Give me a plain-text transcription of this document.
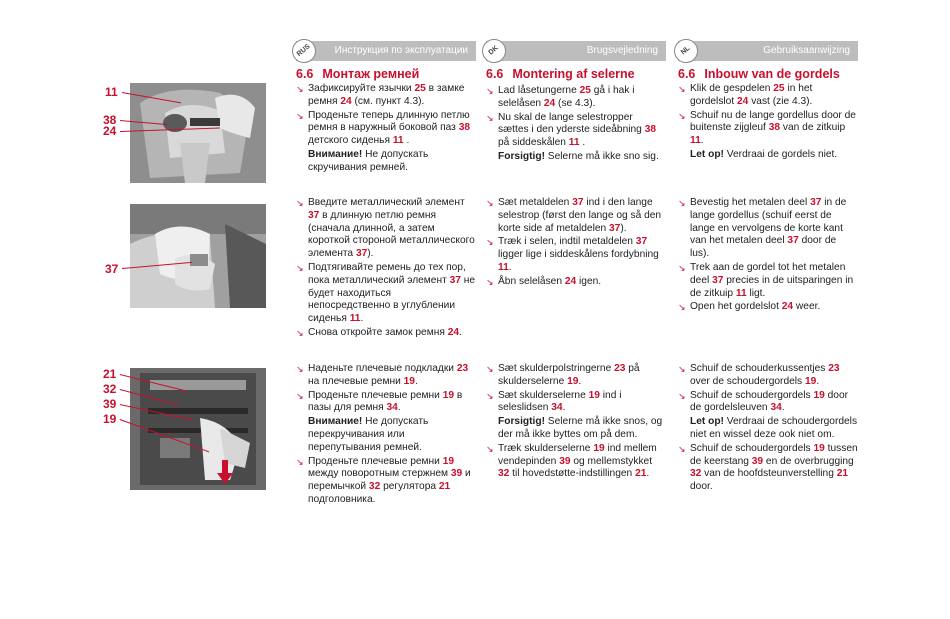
11
38
24
37
21
32
39
19
RUS	Инструкция по эксплуатации
6.6 Монтаж ремней
↘ Зафиксируйте язычки 25 в замке ремня 24 (см. пункт 4.3).
↘ Проденьте теперь длинную петлю ремня в наружный боковой паз 38 детского сиденья 11 .
Внимание! Не допускать скручивания ремней.
↘ Введите металлический элемент 37 в длинную петлю ремня (сначала длинной, а затем короткой стороной металлического элемента 37).
↘ Подтягивайте ремень до тех пор, пока металлический элемент 37 не будет находиться непосредственно в углублении сиденья 11.
↘ Снова откройте замок ремня 24.
↘ Наденьте плечевые подкладки 23 на плечевые ремни 19.
↘ Проденьте плечевые ремни 19 в пазы для ремня 34.
Внимание! Не допускать перекручивания или перепутывания ремней.
↘ Проденьте плечевые ремни 19 между поворотным стержнем 39 и перемычкой 32 регулятора 21 подголовника.
DK	Brugsvejledning
6.6 Montering af selerne
↘ Lad låsetungerne 25 gå i hak i selelåsen 24 (se 4.3).
↘ Nu skal de lange selestropper sættes i den yderste sideåbning 38 på siddeskålen 11 .
Forsigtig! Selerne må ikke sno sig.
↘ Sæt metaldelen 37 ind i den lange selestrop (først den lange og så den korte side af metaldelen 37).
↘ Træk i selen, indtil metaldelen 37 ligger lige i siddeskålens fordybning 11.
↘ Åbn selelåsen 24 igen.
↘ Sæt skulderpolstringerne 23 på skulderselerne 19.
↘ Sæt skulderselerne 19 ind i seleslidsen 34.
Forsigtig! Selerne må ikke snos, og der må ikke byttes om på dem.
↘ Træk skulderselerne 19 ind mellem vendepinden 39 og mellemstykket 32 til hovedstøtte-indstillingen 21.
NL	Gebruiksaanwijzing
6.6 Inbouw van de gordels
↘ Klik de gespdelen 25 in het gordelslot 24 vast (zie 4.3).
↘ Schuif nu de lange gordellus door de buitenste zijgleuf 38 van de zitkuip 11.
Let op! Verdraai de gordels niet.
↘ Bevestig het metalen deel 37 in de lange gordellus (schuif eerst de lange en vervolgens de korte kant van het metalen deel 37 door de lus).
↘ Trek aan de gordel tot het metalen deel 37 precies in de uitsparingen in de zitkuip 11 ligt.
↘ Open het gordelslot 24 weer.
↘ Schuif de schouderkussentjes 23 over de schoudergordels 19.
↘ Schuif de schoudergordels 19 door de gordelsleuven 34.
Let op! Verdraai de schoudergordels niet en wissel deze ook niet om.
↘ Schuif de schoudergordels 19 tussen de keerstang 39 en de overbrugging 32 van de hoofdsteunverstelling 21 door.
